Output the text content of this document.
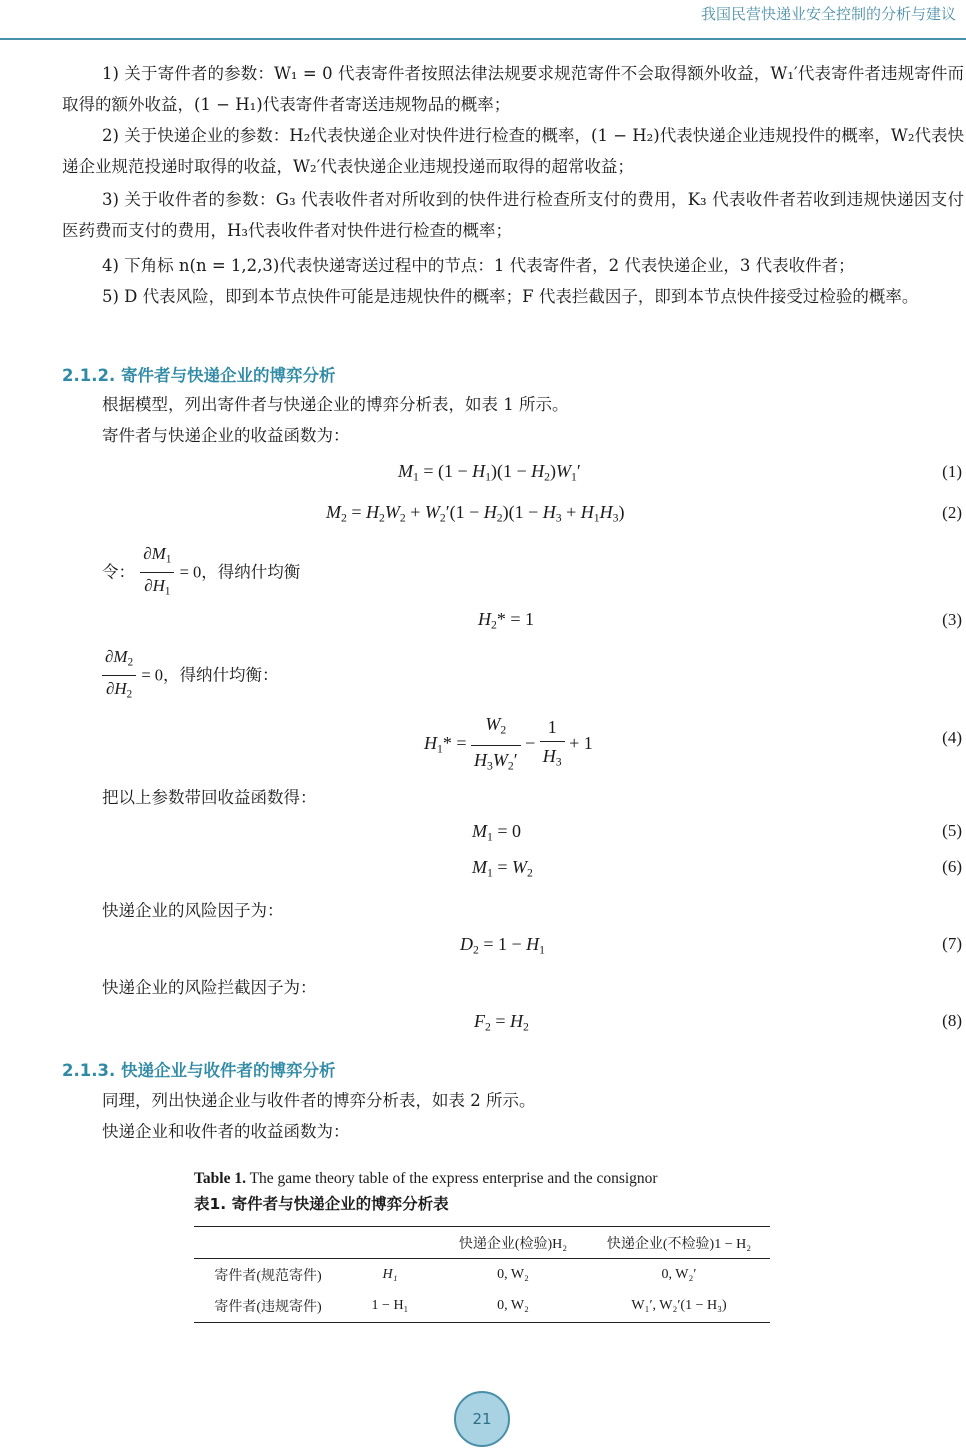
我国民营快递业安全控制的分析与建议
1) 关于寄件者的参数：W₁ = 0 代表寄件者按照法律法规要求规范寄件不会取得额外收益，W₁′代表寄件者违规寄件而取得的额外收益，(1 − H₁)代表寄件者寄送违规物品的概率；
2) 关于快递企业的参数：H₂代表快递企业对快件进行检查的概率，(1 − H₂)代表快递企业违规投件的概率，W₂代表快递企业规范投递时取得的收益，W₂′代表快递企业违规投递而取得的超常收益；
3) 关于收件者的参数：G₃ 代表收件者对所收到的快件进行检查所支付的费用，K₃ 代表收件者若收到违规快递因支付医药费而支付的费用，H₃代表收件者对快件进行检查的概率；
4) 下角标 n(n = 1,2,3)代表快递寄送过程中的节点：1 代表寄件者，2 代表快递企业，3 代表收件者；
5) D 代表风险，即到本节点快件可能是违规快件的概率；F 代表拦截因子，即到本节点快件接受过检验的概率。
2.1.2. 寄件者与快递企业的博弈分析
根据模型，列出寄件者与快递企业的博弈分析表，如表 1 所示。
寄件者与快递企业的收益函数为：
$M_1 = (1 - H_1)(1 - H_2)W_1'$	(1)
$M_2 = H_2W_2 + W_2'(1 - H_2)(1 - H_3 + H_1H_3)$	(2)
令： $\frac{\partial M_1}{\partial H_1} = 0$，得纳什均衡
$H_2* = 1$	(3)
$\frac{\partial M_2}{\partial H_2} = 0$，得纳什均衡：
$H_1* = \frac{W_2}{H_3W_2'} - \frac{1}{H_3} + 1$	(4)
把以上参数带回收益函数得：
$M_1 = 0$	(5)
$M_1 = W_2$	(6)
快递企业的风险因子为：
$D_2 = 1 - H_1$	(7)
快递企业的风险拦截因子为：
$F_2 = H_2$	(8)
2.1.3. 快递企业与收件者的博弈分析
同理，列出快递企业与收件者的博弈分析表，如表 2 所示。
快递企业和收件者的收益函数为：
Table 1. The game theory table of the express enterprise and the consignor
表1. 寄件者与快递企业的博弈分析表
		快递企业(检验)H₂	快递企业(不检验)1 − H₂
寄件者(规范寄件)	H₁	0, W₂	0, W₂′
寄件者(违规寄件)	1 − H₁	0, W₂	W₁′, W₂′(1 − H₃)
21
